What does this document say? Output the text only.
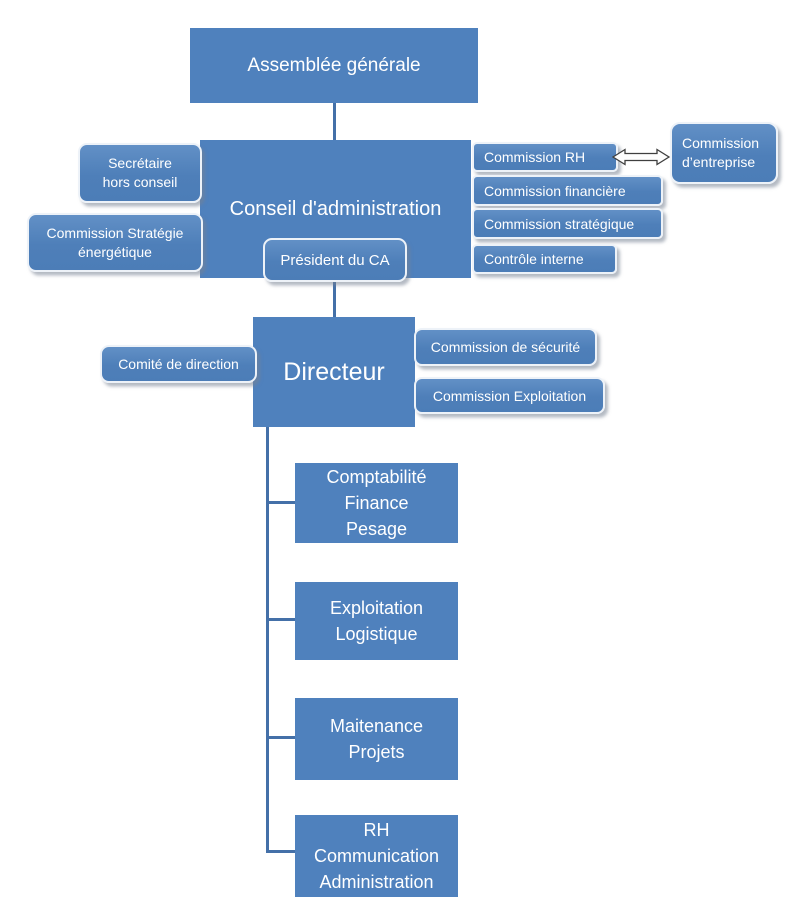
Assemblée générale
Conseil d'administration
Secrétaire
hors conseil
Commission Stratégie
énergétique	Président du CA
Commission RH
Commission financière
Commission stratégique
Contrôle interne
Commission
d’entreprise
Directeur
Comité de direction
Commission de sécurité
Commission Exploitation
Comptabilité
Finance
Pesage
Exploitation
Logistique
Maitenance
Projets
RH
Communication
Administration
